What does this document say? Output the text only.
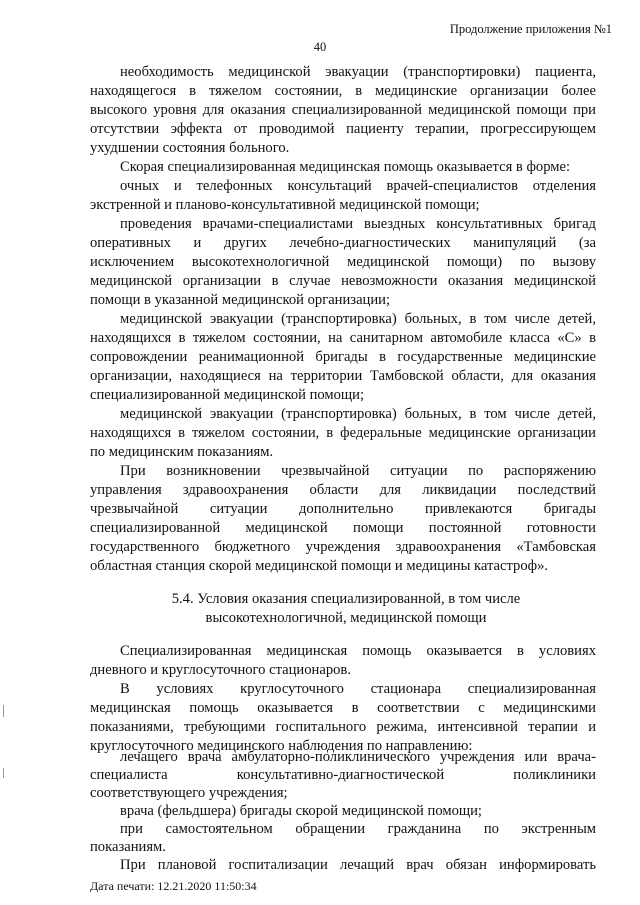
Продолжение приложения №1
40
необходимость медицинской эвакуации (транспортировки) пациента,
находящегося в тяжелом состоянии, в медицинские организации более
высокого уровня для оказания специализированной медицинской помощи при
отсутствии эффекта от проводимой пациенту терапии, прогрессирующем
ухудшении состояния больного.
Скорая специализированная медицинская помощь оказывается в форме:
очных и телефонных консультаций врачей-специалистов отделения
экстренной и планово-консультативной медицинской помощи;
проведения врачами-специалистами выездных консультативных бригад
оперативных и других лечебно-диагностических манипуляций (за
исключением высокотехнологичной медицинской помощи) по вызову
медицинской организации в случае невозможности оказания медицинской
помощи в указанной медицинской организации;
медицинской эвакуации (транспортировка) больных, в том числе детей,
находящихся в тяжелом состоянии, на санитарном автомобиле класса «С» в
сопровождении реанимационной бригады в государственные медицинские
организации, находящиеся на территории Тамбовской области, для оказания
специализированной медицинской помощи;
медицинской эвакуации (транспортировка) больных, в том числе детей,
находящихся в тяжелом состоянии, в федеральные медицинские организации
по медицинским показаниям.
При возникновении чрезвычайной ситуации по распоряжению
управления здравоохранения области для ликвидации последствий
чрезвычайной ситуации дополнительно привлекаются бригады
специализированной медицинской помощи постоянной готовности
государственного бюджетного учреждения здравоохранения «Тамбовская
областная станция скорой медицинской помощи и медицины катастроф».
5.4. Условия оказания специализированной, в том числе
высокотехнологичной, медицинской помощи
Специализированная медицинская помощь оказывается в условиях
дневного и круглосуточного стационаров.
В условиях круглосуточного стационара специализированная
медицинская помощь оказывается в соответствии с медицинскими
показаниями, требующими госпитального режима, интенсивной терапии и
круглосуточного медицинского наблюдения по направлению:
лечащего врача амбулаторно-поликлинического учреждения или врача-
специалиста консультативно-диагностической поликлиники
соответствующего учреждения;
врача (фельдшера) бригады скорой медицинской помощи;
при самостоятельном обращении гражданина по экстренным
показаниям.
Дата печати: 12.21.2020 11:50:34
При плановой госпитализации лечащий врач обязан информировать
